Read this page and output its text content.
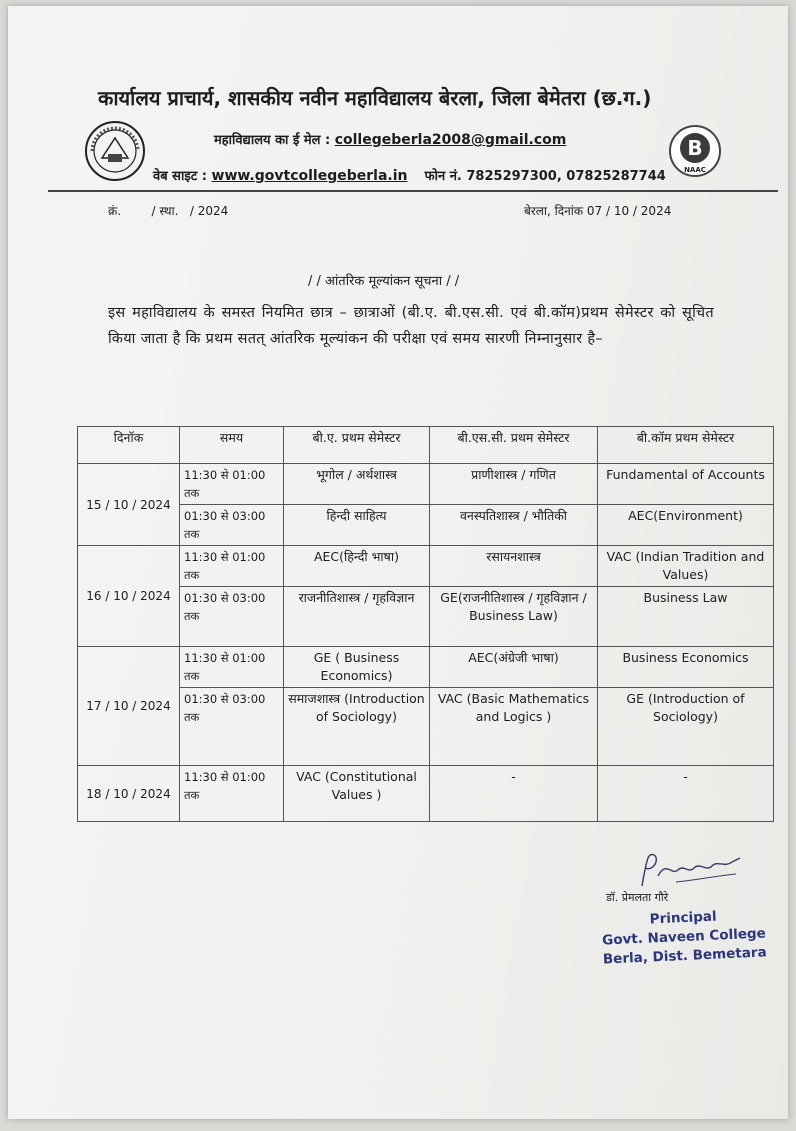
कार्यालय प्राचार्य, शासकीय नवीन महाविद्यालय बेरला, जिला बेमेतरा (छ.ग.)
महाविद्यालय का ई मेल : collegeberla2008@gmail.com
वेब साइट : www.govtcollegeberla.in फोन नं. 7825297300, 07825287744
B
NAAC
क्रं.        / स्था.   / 2024	बेरला, दिनांक 07 / 10 / 2024
/ / आंतरिक मूल्यांकन सूचना / /
इस महाविद्यालय के समस्त नियमित छात्र – छात्राओं (बी.ए. बी.एस.सी. एवं बी.कॉम)प्रथम सेमेस्टर को सूचित किया जाता है कि प्रथम सतत् आंतरिक मूल्यांकन की परीक्षा एवं समय सारणी निम्नानुसार है–
दिनॉक	समय	बी.ए. प्रथम सेमेस्टर	बी.एस.सी. प्रथम सेमेस्टर	बी.कॉम प्रथम सेमेस्टर
15 / 10 / 2024	11:30 से 01:00 तक	भूगोल / अर्थशास्त्र	प्राणीशास्त्र / गणित	Fundamental of Accounts
	01:30 से 03:00 तक	हिन्दी साहित्य	वनस्पतिशास्त्र / भौतिकी	AEC(Environment)
16 / 10 / 2024	11:30 से 01:00 तक	AEC(हिन्दी भाषा)	रसायनशास्त्र	VAC (Indian Tradition and Values)
	01:30 से 03:00 तक	राजनीतिशास्त्र / गृहविज्ञान	GE(राजनीतिशास्त्र / गृहविज्ञान / Business Law)	Business Law
17 / 10 / 2024	11:30 से 01:00 तक	GE ( Business Economics)	AEC(अंग्रेजी भाषा)	Business Economics
	01:30 से 03:00 तक	समाजशास्त्र (Introduction of Sociology)	VAC (Basic Mathematics and Logics )	GE (Introduction of Sociology)
18 / 10 / 2024	11:30 से 01:00 तक	VAC (Constitutional Values )	-	-
डॉ. प्रेमलता गौरे
Principal
Govt. Naveen College
Berla, Dist. Bemetara
